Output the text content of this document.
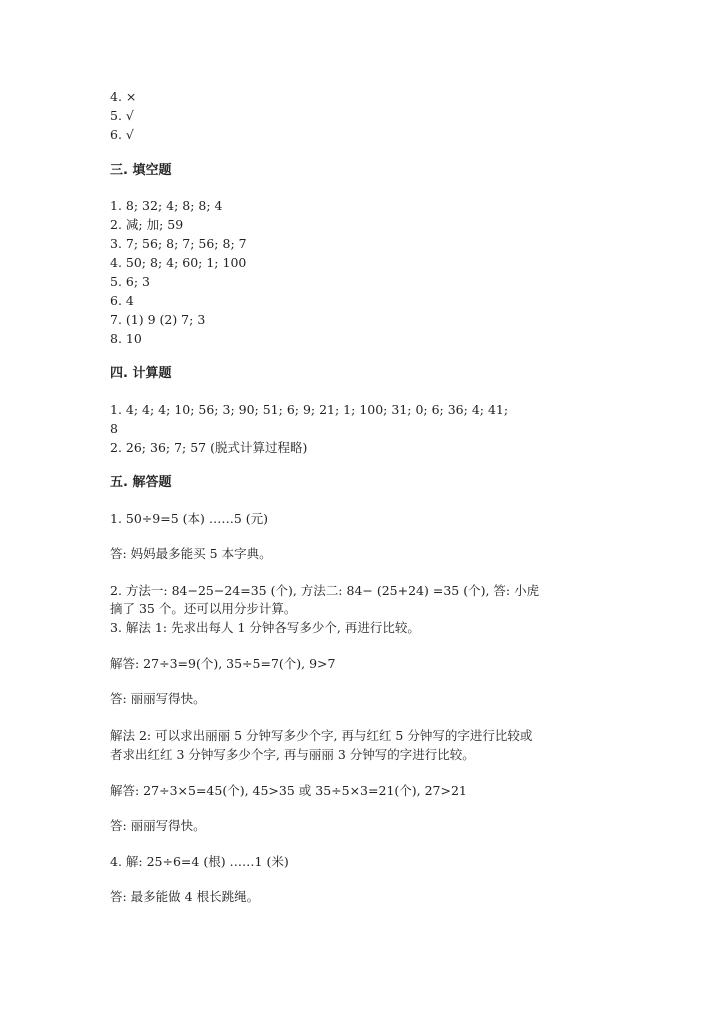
4. ×
5. √
6. √
三. 填空题
1. 8; 32; 4; 8; 8; 4
2. 减; 加; 59
3. 7; 56; 8; 7; 56; 8; 7
4. 50; 8; 4; 60; 1; 100
5. 6; 3
6. 4
7. (1) 9 (2) 7; 3
8. 10
四. 计算题
1. 4; 4; 4; 10; 56; 3; 90; 51; 6; 9; 21; 1; 100; 31; 0; 6; 36; 4; 41;
8
2. 26; 36; 7; 57 (脱式计算过程略)
五. 解答题
1. 50÷9=5 (本) ……5 (元)
答: 妈妈最多能买 5 本字典。
2. 方法一: 84−25−24=35 (个), 方法二: 84− (25+24) =35 (个), 答: 小虎
摘了 35 个。还可以用分步计算。
3. 解法 1: 先求出每人 1 分钟各写多少个, 再进行比较。
解答: 27÷3=9(个), 35÷5=7(个), 9>7
答: 丽丽写得快。
解法 2: 可以求出丽丽 5 分钟写多少个字, 再与红红 5 分钟写的字进行比较或
者求出红红 3 分钟写多少个字, 再与丽丽 3 分钟写的字进行比较。
解答: 27÷3×5=45(个), 45>35 或 35÷5×3=21(个), 27>21
答: 丽丽写得快。
4. 解: 25÷6=4 (根) ……1 (米)
答: 最多能做 4 根长跳绳。
